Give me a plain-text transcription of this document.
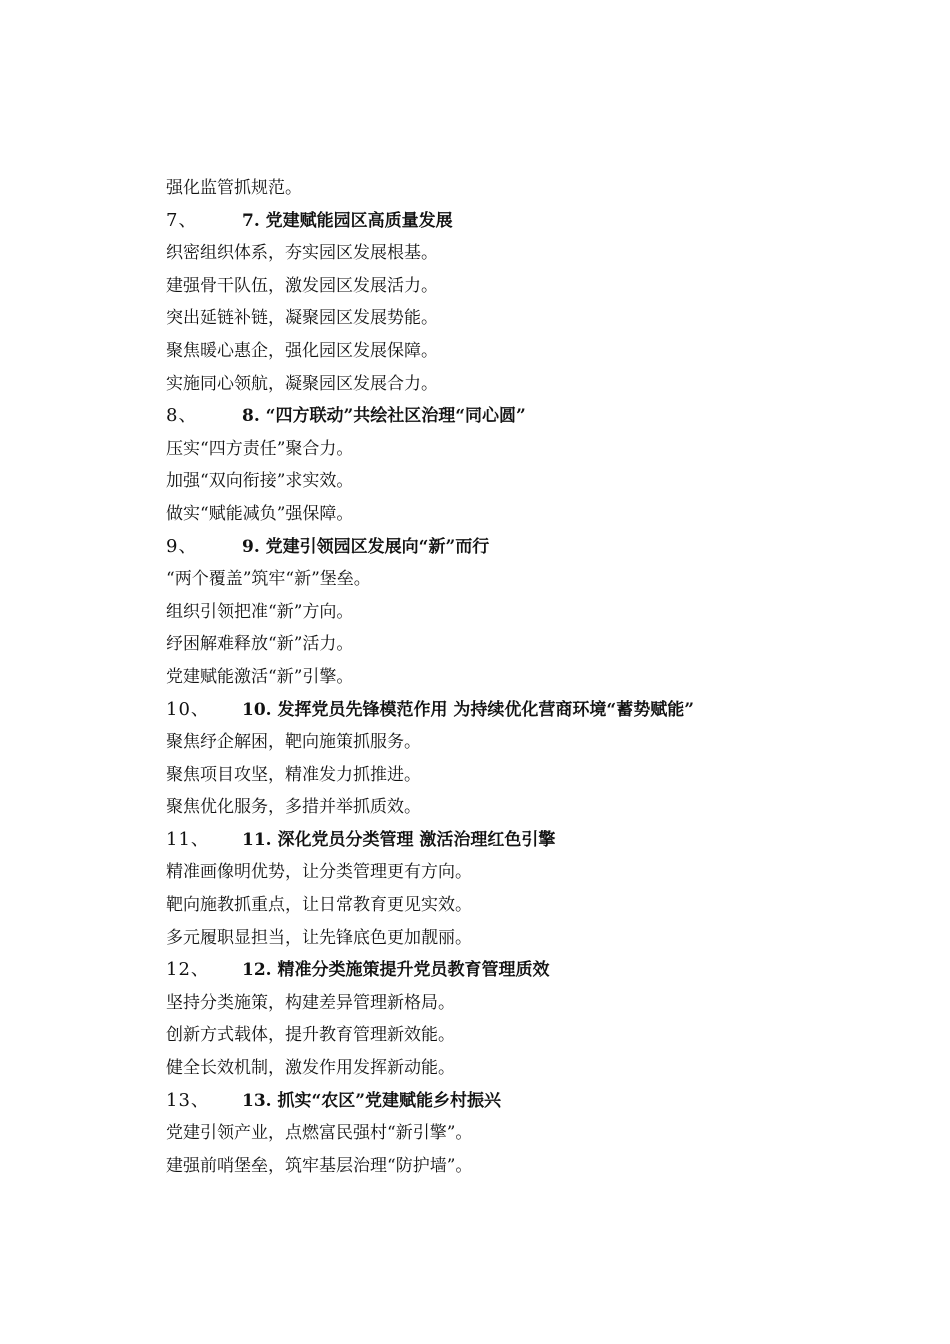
强化监管抓规范。
7、	7. 党建赋能园区高质量发展
织密组织体系，夯实园区发展根基。
建强骨干队伍，激发园区发展活力。
突出延链补链，凝聚园区发展势能。
聚焦暖心惠企，强化园区发展保障。
实施同心领航，凝聚园区发展合力。
8、	8. “四方联动”共绘社区治理“同心圆”
压实“四方责任”聚合力。
加强“双向衔接”求实效。
做实“赋能减负”强保障。
9、	9. 党建引领园区发展向“新”而行
“两个覆盖”筑牢“新”堡垒。
组织引领把准“新”方向。
纾困解难释放“新”活力。
党建赋能激活“新”引擎。
10、 10. 发挥党员先锋模范作用 为持续优化营商环境“蓄势赋能”
聚焦纾企解困，靶向施策抓服务。
聚焦项目攻坚，精准发力抓推进。
聚焦优化服务，多措并举抓质效。
11、 11. 深化党员分类管理 激活治理红色引擎
精准画像明优势，让分类管理更有方向。
靶向施教抓重点，让日常教育更见实效。
多元履职显担当，让先锋底色更加靓丽。
12、 12. 精准分类施策提升党员教育管理质效
坚持分类施策，构建差异管理新格局。
创新方式载体，提升教育管理新效能。
健全长效机制，激发作用发挥新动能。
13、 13. 抓实“农区”党建赋能乡村振兴
党建引领产业，点燃富民强村“新引擎”。
建强前哨堡垒，筑牢基层治理“防护墙”。
